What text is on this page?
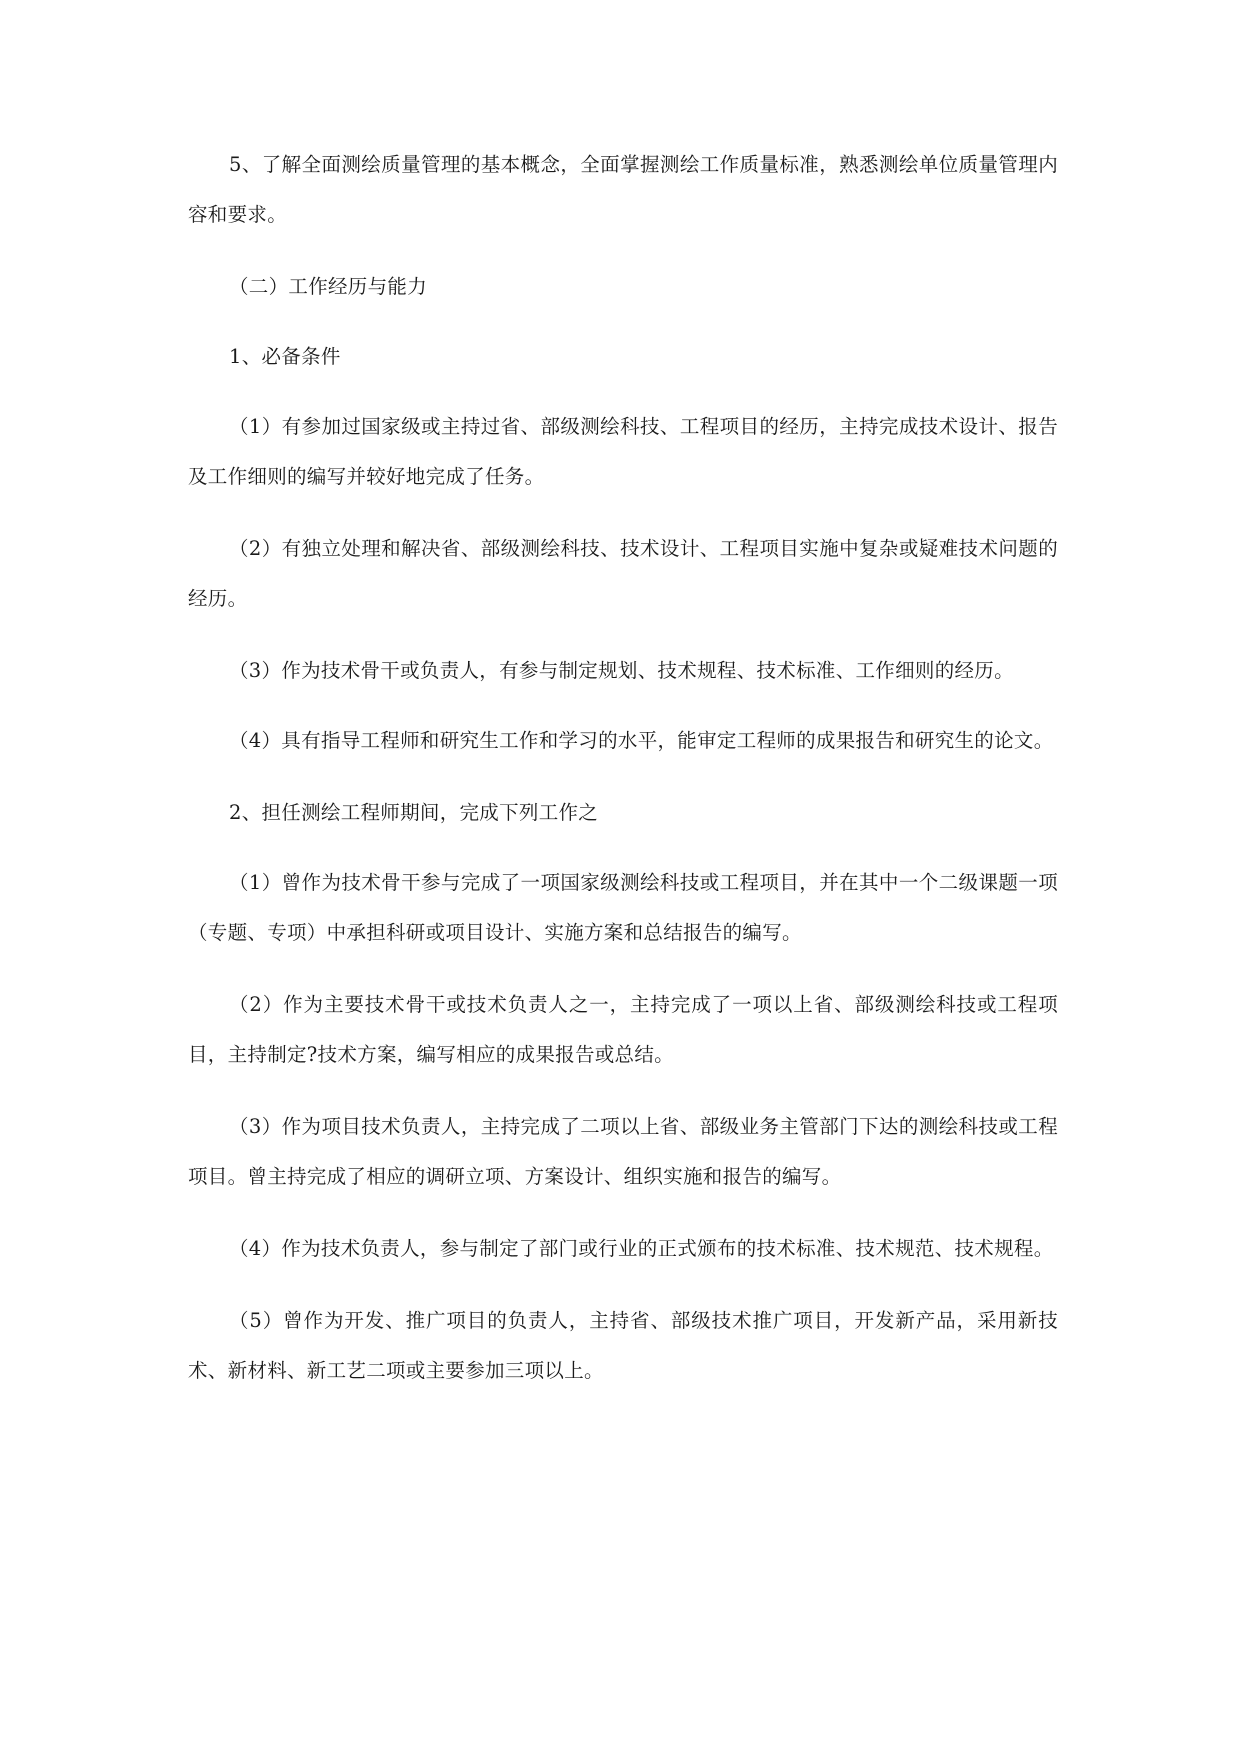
5、了解全面测绘质量管理的基本概念，全面掌握测绘工作质量标准，熟悉测绘单位质量管理内容和要求。

（二）工作经历与能力

1、必备条件

（1）有参加过国家级或主持过省、部级测绘科技、工程项目的经历，主持完成技术设计、报告及工作细则的编写并较好地完成了任务。

（2）有独立处理和解决省、部级测绘科技、技术设计、工程项目实施中复杂或疑难技术问题的经历。

（3）作为技术骨干或负责人，有参与制定规划、技术规程、技术标准、工作细则的经历。

（4）具有指导工程师和研究生工作和学习的水平，能审定工程师的成果报告和研究生的论文。

2、担任测绘工程师期间，完成下列工作之

（1）曾作为技术骨干参与完成了一项国家级测绘科技或工程项目，并在其中一个二级课题一项（专题、专项）中承担科研或项目设计、实施方案和总结报告的编写。

（2）作为主要技术骨干或技术负责人之一，主持完成了一项以上省、部级测绘科技或工程项目，主持制定?技术方案，编写相应的成果报告或总结。

（3）作为项目技术负责人，主持完成了二项以上省、部级业务主管部门下达的测绘科技或工程项目。曾主持完成了相应的调研立项、方案设计、组织实施和报告的编写。

（4）作为技术负责人，参与制定了部门或行业的正式颁布的技术标准、技术规范、技术规程。

（5）曾作为开发、推广项目的负责人，主持省、部级技术推广项目，开发新产品，采用新技术、新材料、新工艺二项或主要参加三项以上。
